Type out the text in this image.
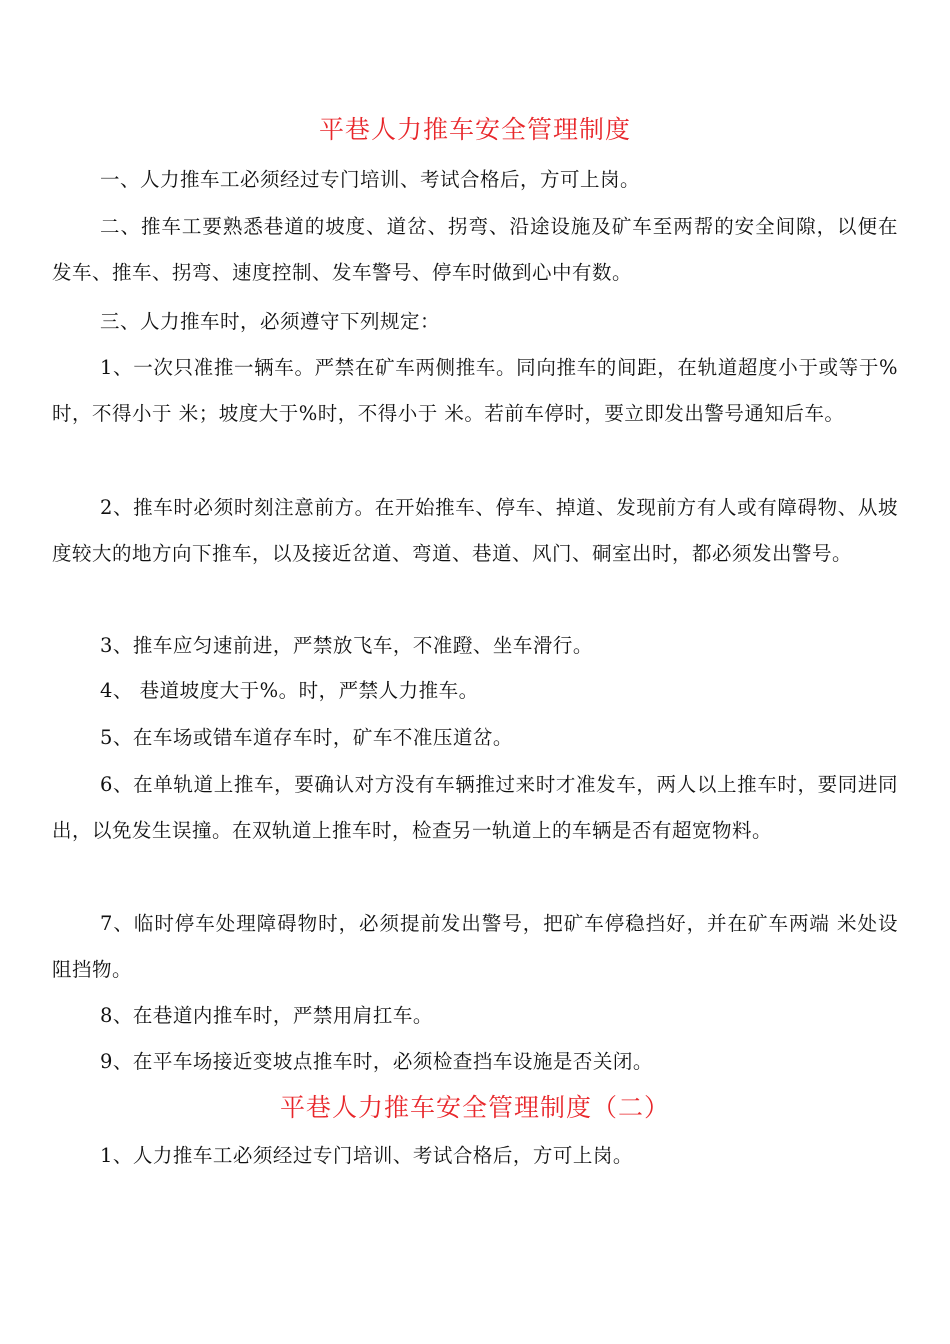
平巷人力推车安全管理制度
一、人力推车工必须经过专门培训、考试合格后，方可上岗。
二、推车工要熟悉巷道的坡度、道岔、拐弯、沿途设施及矿车至两帮的安全间隙，以便在发车、推车、拐弯、速度控制、发车警号、停车时做到心中有数。
三、人力推车时，必须遵守下列规定：
1、一次只准推一辆车。严禁在矿车两侧推车。同向推车的间距，在轨道超度小于或等于%时，不得小于 米；坡度大于%时，不得小于 米。若前车停时，要立即发出警号通知后车。
2、推车时必须时刻注意前方。在开始推车、停车、掉道、发现前方有人或有障碍物、从坡度较大的地方向下推车，以及接近岔道、弯道、巷道、风门、硐室出时，都必须发出警号。
3、推车应匀速前进，严禁放飞车，不准蹬、坐车滑行。
4、 巷道坡度大于%。时，严禁人力推车。
5、在车场或错车道存车时，矿车不准压道岔。
6、在单轨道上推车，要确认对方没有车辆推过来时才准发车，两人以上推车时，要同进同出，以免发生误撞。在双轨道上推车时，检查另一轨道上的车辆是否有超宽物料。
7、临时停车处理障碍物时，必须提前发出警号，把矿车停稳挡好，并在矿车两端 米处设阻挡物。
8、在巷道内推车时，严禁用肩扛车。
9、在平车场接近变坡点推车时，必须检查挡车设施是否关闭。
平巷人力推车安全管理制度（二）
1、人力推车工必须经过专门培训、考试合格后，方可上岗。
